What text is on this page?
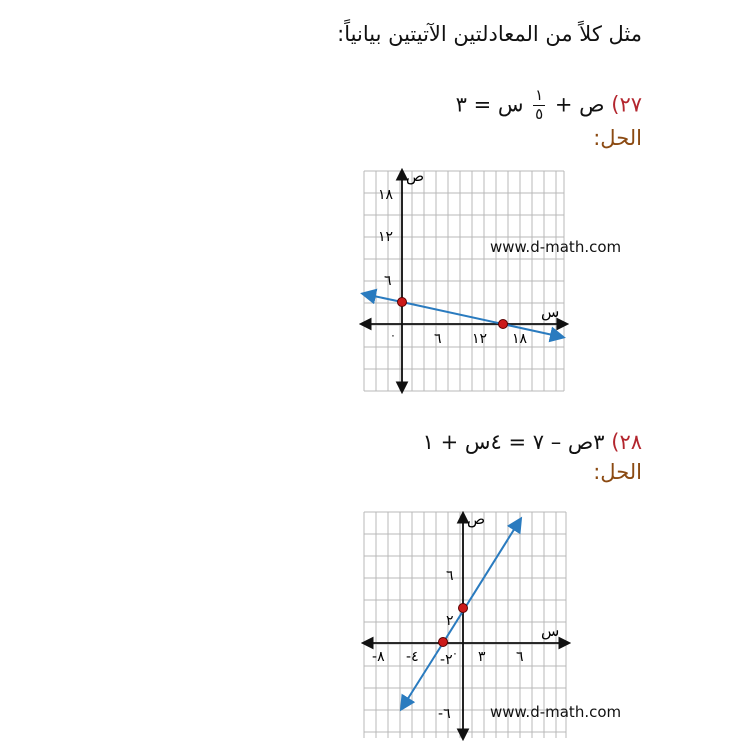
مثل كلاً من المعادلتين الآتيتين بيانياً:
٢٧) ص +
$\frac{١}{٥}$
س = ٣
الحل:
ص
س
٠	٦ ١٢ ١٨
٦
١٢
١٨
www.d-math.com
٢٨) ٣ص – ٧ = ٤س + ١
الحل:
ص
س
٠ ٣ ٦
-٢
-٤
-٨
٦
٢
-٦	www.d-math.com
